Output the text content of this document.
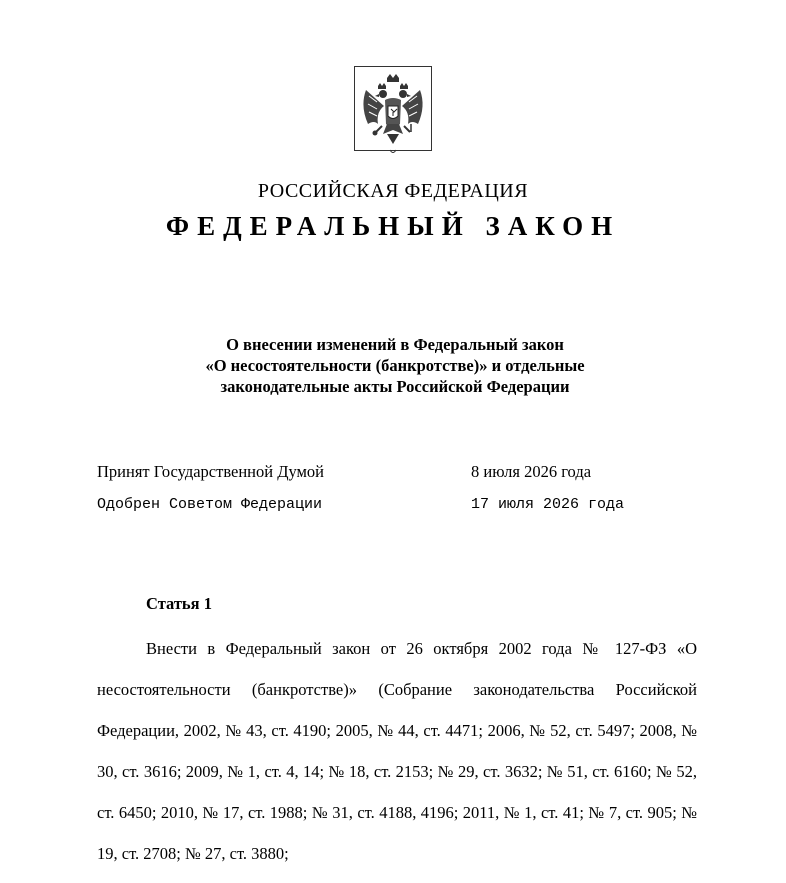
РОССИЙСКАЯ ФЕДЕРАЦИЯ
ФЕДЕРАЛЬНЫЙ ЗАКОН
О внесении изменений в Федеральный закон
«О несостоятельности (банкротстве)» и отдельные
законодательные акты Российской Федерации
Принят Государственной Думой	8 июля 2026 года
Одобрен Советом Федерации	17 июля 2026 года
Статья 1
Внести в Федеральный закон от 26 октября 2002 года № 127-ФЗ «О несостоятельности (банкротстве)» (Собрание законодательства Российской Федерации, 2002, № 43, ст. 4190; 2005, № 44, ст. 4471; 2006, № 52, ст. 5497; 2008, № 30, ст. 3616; 2009, № 1, ст. 4, 14; № 18, ст. 2153; № 29, ст. 3632; № 51, ст. 6160; № 52, ст. 6450; 2010, № 17, ст. 1988; № 31, ст. 4188, 4196; 2011, № 1, ст. 41; № 7, ст. 905; № 19, ст. 2708; № 27, ст. 3880;
